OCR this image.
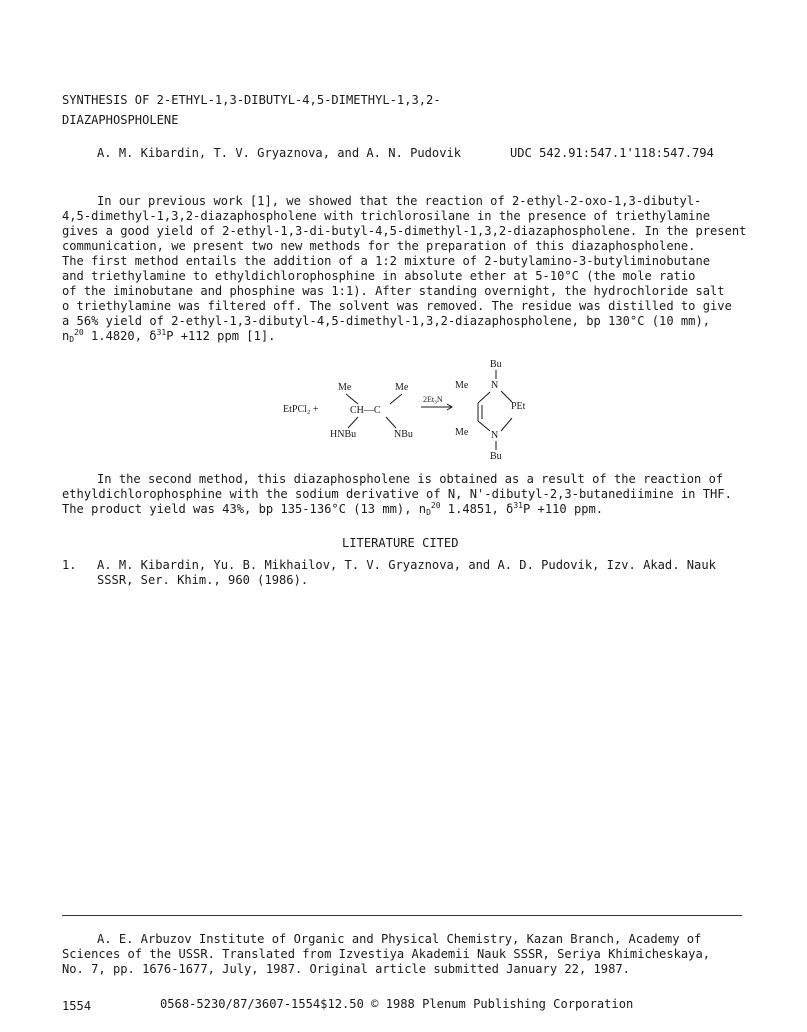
SYNTHESIS OF 2-ETHYL-1,3-DIBUTYL-4,5-DIMETHYL-1,3,2-
DIAZAPHOSPHOLENE
A. M. Kibardin, T. V. Gryaznova, and A. N. Pudovik	UDC 542.91:547.1'118:547.794
In our previous work [1], we showed that the reaction of 2-ethyl-2-oxo-1,3-dibutyl-
4,5-dimethyl-1,3,2-diazaphospholene with trichlorosilane in the presence of triethylamine
gives a good yield of 2-ethyl-1,3-di-butyl-4,5-dimethyl-1,3,2-diazaphospholene. In the present
communication, we present two new methods for the preparation of this diazaphospholene.
The first method entails the addition of a 1:2 mixture of 2-butylamino-3-butyliminobutane
and triethylamine to ethyldichlorophosphine in absolute ether at 5-10°C (the mole ratio
of the iminobutane and phosphine was 1:1). After standing overnight, the hydrochloride salt
o triethylamine was filtered off. The solvent was removed. The residue was distilled to give
a 56% yield of 2-ethyl-1,3-dibutyl-4,5-dimethyl-1,3,2-diazaphospholene, bp 130°C (10 mm),
$n_D^{20}$ 1.4820, $\delta^{31}P +112$ ppm [1].
EtPCl₂ +
Me	Me
CH—C
HNBu	NBu
2Et₃N
Bu
Me N
PEt
Me N
Bu
In the second method, this diazaphospholene is obtained as a result of the reaction of
ethyldichlorophosphine with the sodium derivative of N, N'-dibutyl-2,3-butanediimine in THF.
The product yield was 43%, bp 135-136°C (13 mm), $n_D^{20}$ 1.4851, $\delta^{31}P +110$ ppm.
LITERATURE CITED
1. A. M. Kibardin, Yu. B. Mikhailov, T. V. Gryaznova, and A. D. Pudovik, Izv. Akad. Nauk
SSSR, Ser. Khim., 960 (1986).
A. E. Arbuzov Institute of Organic and Physical Chemistry, Kazan Branch, Academy of
Sciences of the USSR. Translated from Izvestiya Akademii Nauk SSSR, Seriya Khimicheskaya,
No. 7, pp. 1676-1677, July, 1987. Original article submitted January 22, 1987.
1554	0568-5230/87/3607-1554$12.50 © 1988 Plenum Publishing Corporation
